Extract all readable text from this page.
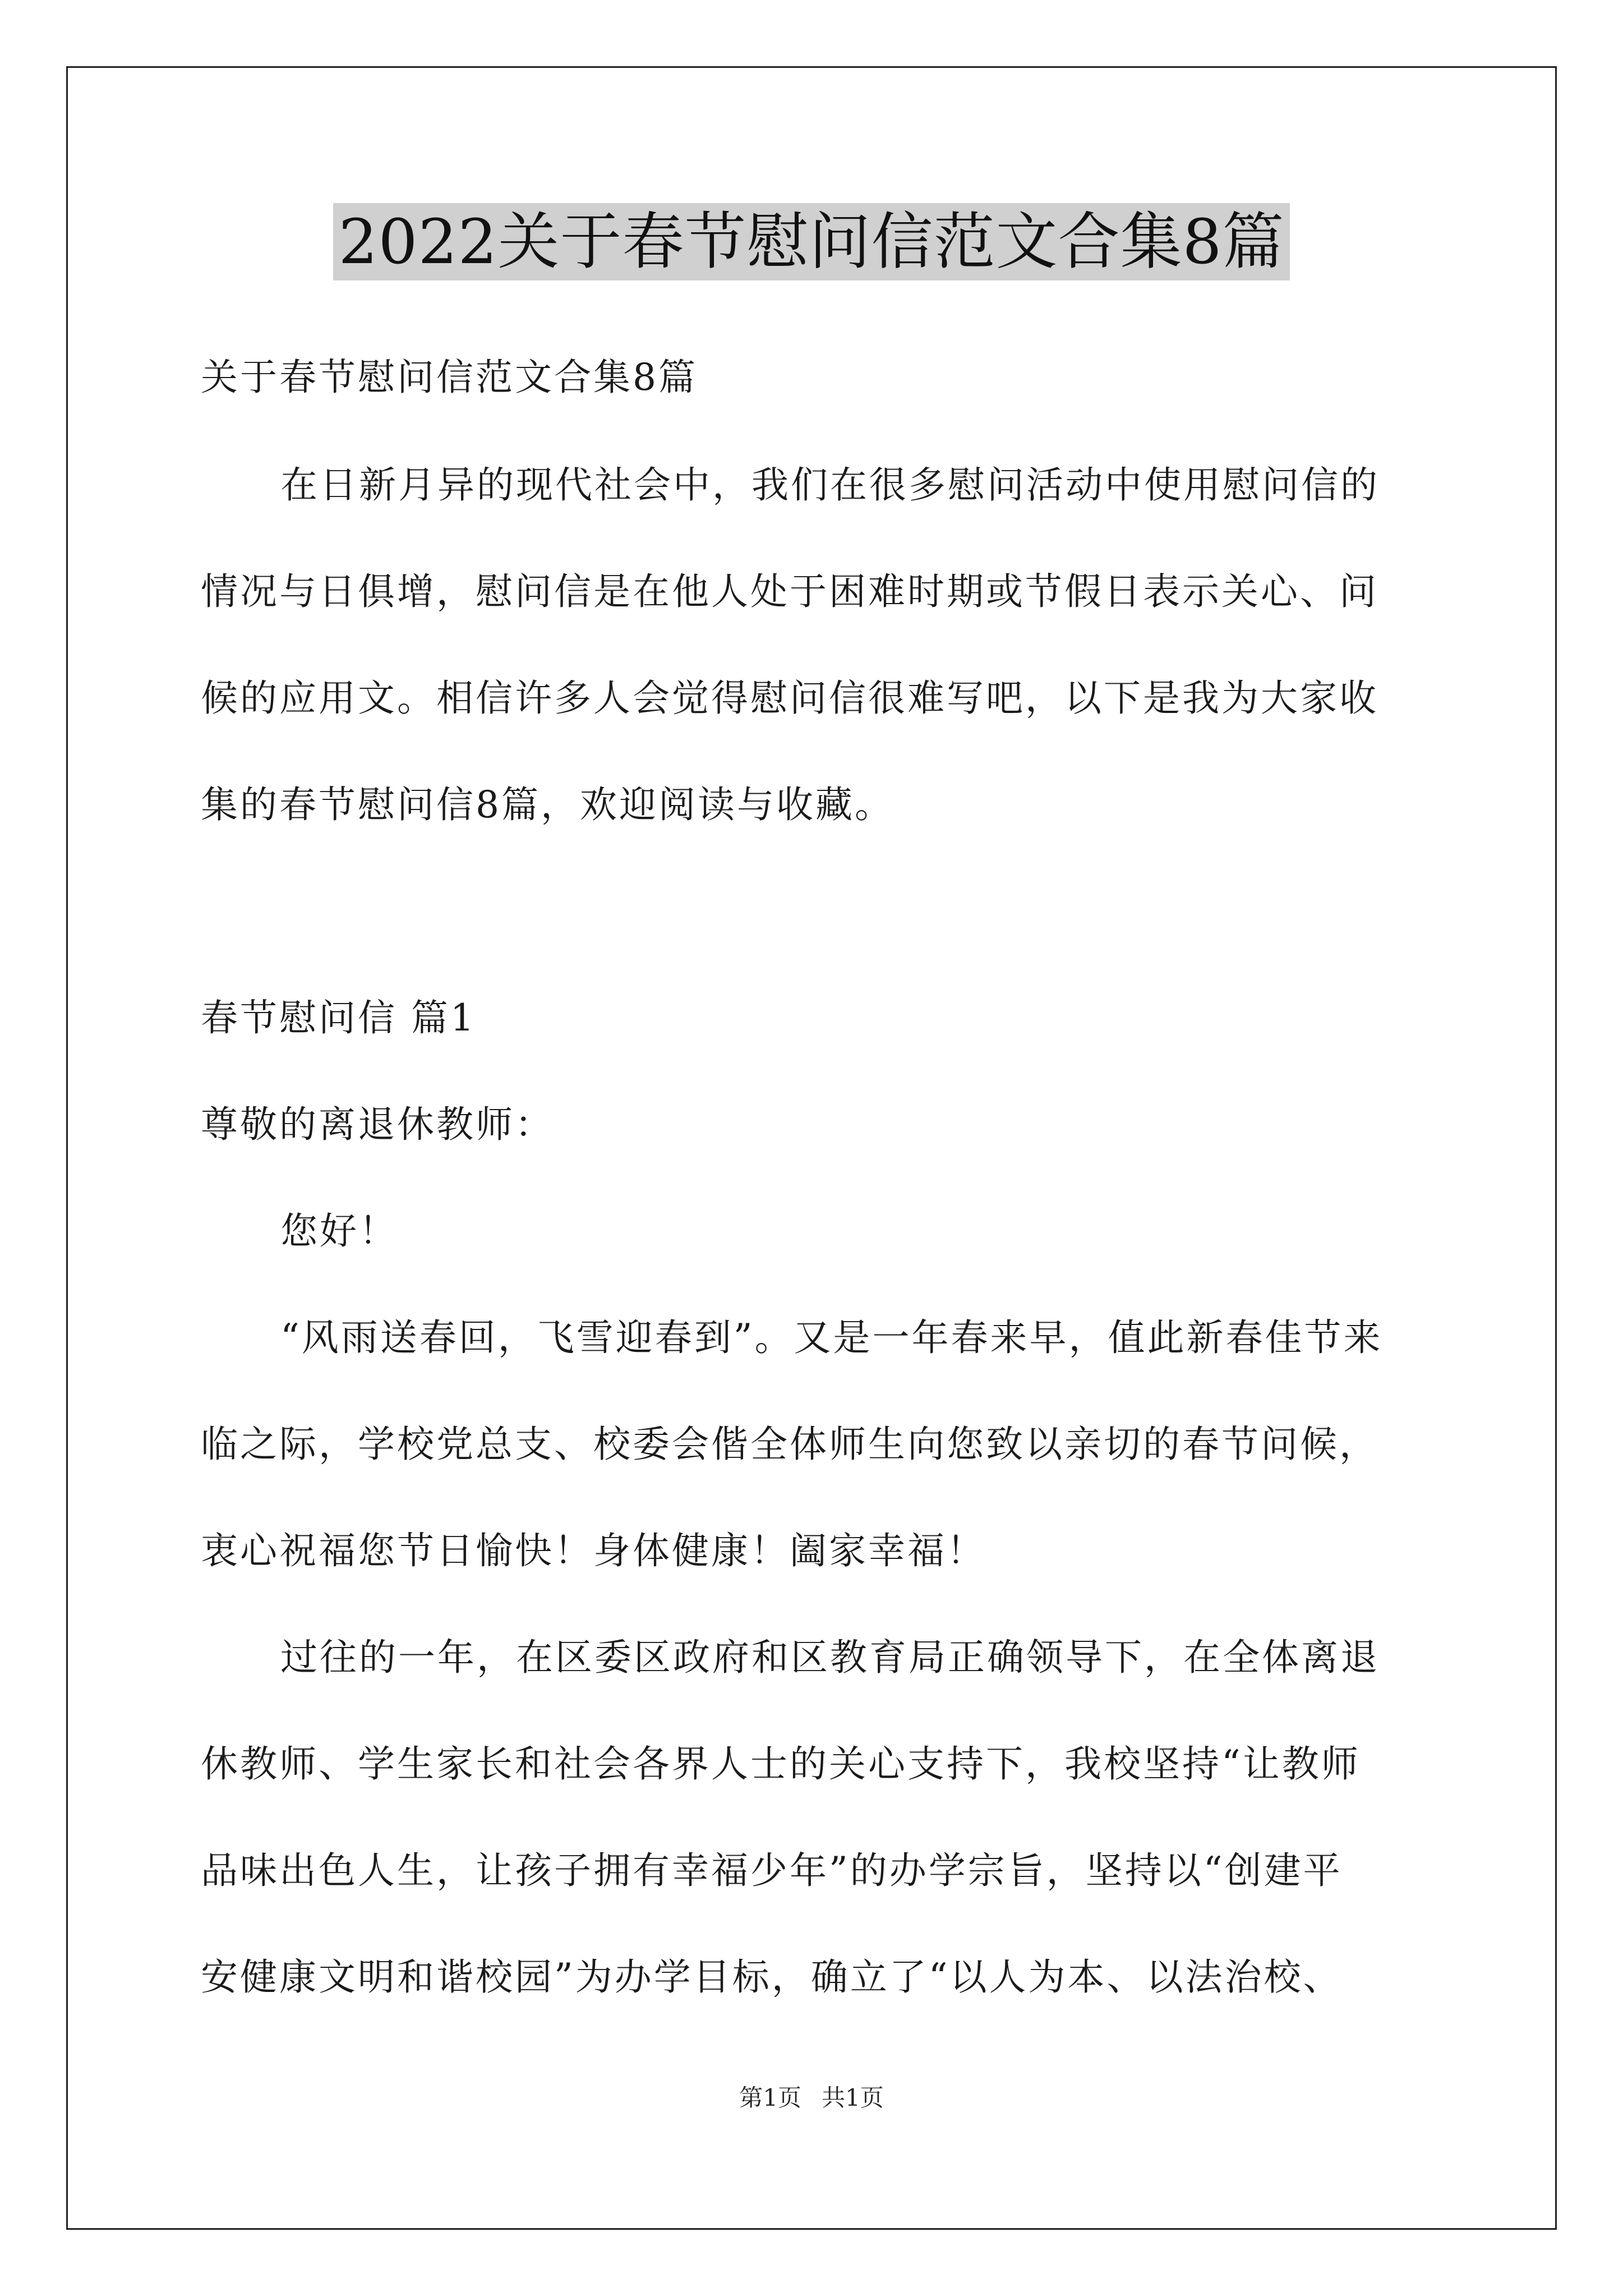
2022关于春节慰问信范文合集8篇
关于春节慰问信范文合集8篇
在日新月异的现代社会中，我们在很多慰问活动中使用慰问信的
情况与日俱增，慰问信是在他人处于困难时期或节假日表示关心、问
候的应用文。相信许多人会觉得慰问信很难写吧，以下是我为大家收
集的春节慰问信8篇，欢迎阅读与收藏。
春节慰问信 篇1
尊敬的离退休教师：
您好！
“风雨送春回，飞雪迎春到”。又是一年春来早，值此新春佳节来
临之际，学校党总支、校委会偕全体师生向您致以亲切的春节问候，
衷心祝福您节日愉快！身体健康！阖家幸福！
过往的一年，在区委区政府和区教育局正确领导下，在全体离退
休教师、学生家长和社会各界人士的关心支持下，我校坚持“让教师
品味出色人生，让孩子拥有幸福少年”的办学宗旨，坚持以“创建平
安健康文明和谐校园”为办学目标，确立了“以人为本、以法治校、
第1页 共1页
